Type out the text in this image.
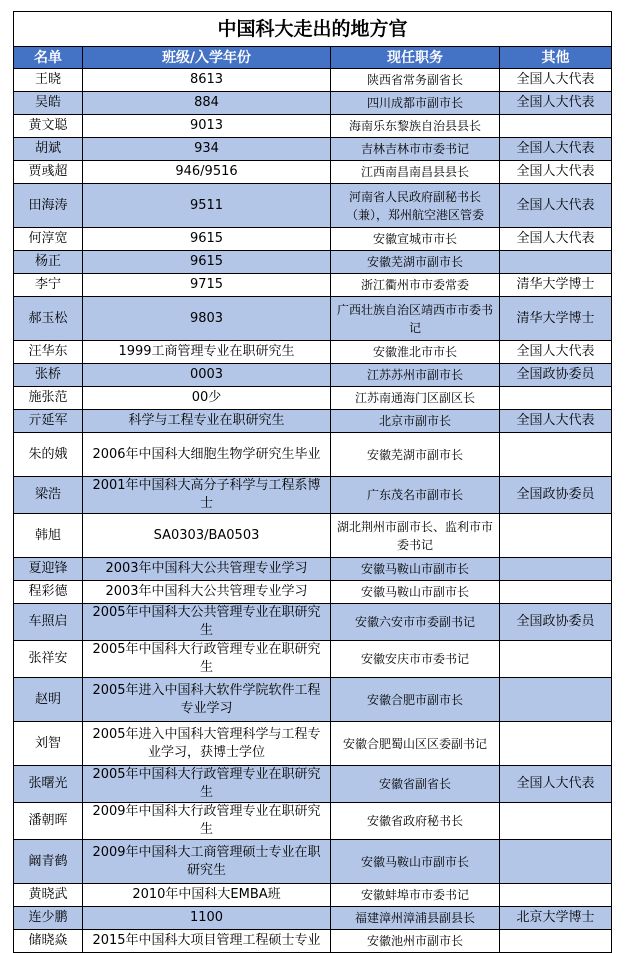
中国科大走出的地方官			
名单	班级/入学年份	现任职务	其他
王晓	8613	陕西省常务副省长	全国人大代表
吴皓	884	四川成都市副市长	全国人大代表
黄文聪	9013	海南乐东黎族自治县县长	
胡斌	934	吉林吉林市市委书记	全国人大代表
贾彧超	946/9516	江西南昌南昌县县长	全国人大代表
田海涛	9511	河南省人民政府副秘书长（兼），郑州航空港区管委	全国人大代表
何淳宽	9615	安徽宣城市市长	全国人大代表
杨正	9615	安徽芜湖市副市长	
李宁	9715	浙江衢州市市委常委	清华大学博士
郝玉松	9803	广西壮族自治区靖西市市委书记	清华大学博士
汪华东	1999工商管理专业在职研究生	安徽淮北市市长	全国人大代表
张桥	0003	江苏苏州市副市长	全国政协委员
施张范	00少	江苏南通海门区副区长	
亓延军	科学与工程专业在职研究生	北京市副市长	全国人大代表
朱的娥	2006年中国科大细胞生物学研究生毕业	安徽芜湖市副市长	
梁浩	2001年中国科大高分子科学与工程系博士	广东茂名市副市长	全国政协委员
韩旭	SA0303/BA0503	湖北荆州市副市长、监利市市委书记	
夏迎锋	2003年中国科大公共管理专业学习	安徽马鞍山市副市长	
程彩德	2003年中国科大公共管理专业学习	安徽马鞍山市副市长	
车照启	2005年中国科大公共管理专业在职研究生	安徽六安市市委副书记	全国政协委员
张祥安	2005年中国科大行政管理专业在职研究生	安徽安庆市市委书记	
赵明	2005年进入中国科大软件学院软件工程专业学习	安徽合肥市副市长	
刘智	2005年进入中国科大管理科学与工程专业学习，获博士学位	安徽合肥蜀山区区委副书记	
张曙光	2005年中国科大行政管理专业在职研究生	安徽省副省长	全国人大代表
潘朝晖	2009年中国科大行政管理专业在职研究生	安徽省政府秘书长	
阚青鹤	2009年中国科大工商管理硕士专业在职研究生	安徽马鞍山市副市长	
黄晓武	2010年中国科大EMBA班	安徽蚌埠市市委书记	
连少鹏	1100	福建漳州漳浦县副县长	北京大学博士
储晓焱	2015年中国科大项目管理工程硕士专业	安徽池州市副市长	
